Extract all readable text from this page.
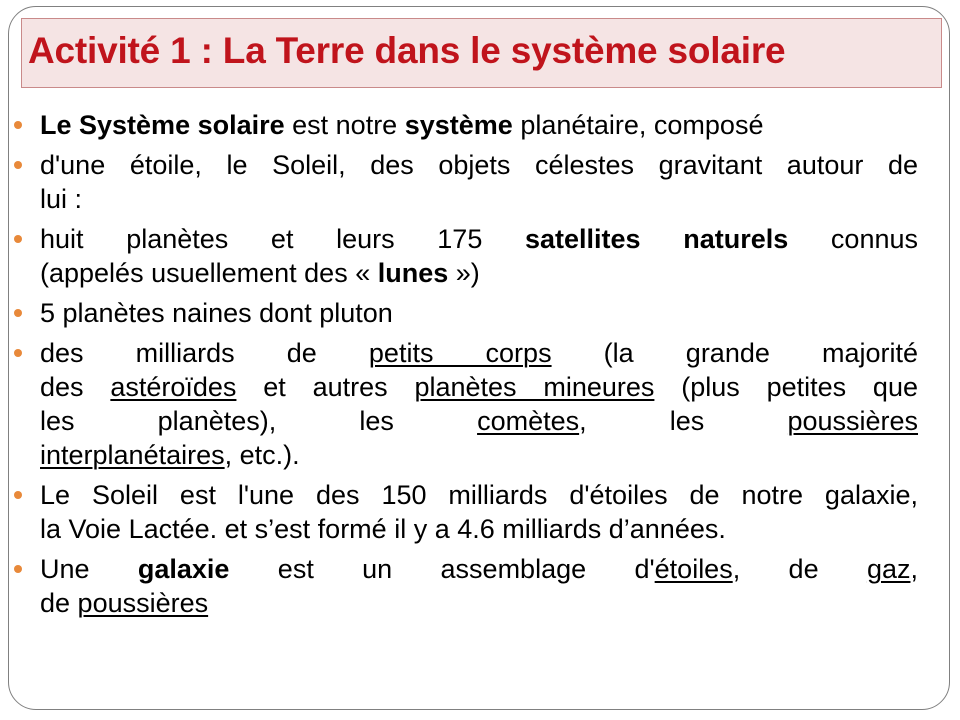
Activité 1 : La Terre dans le système solaire
Le Système solaire est notre système planétaire, composé
d'une étoile, le Soleil, des objets célestes gravitant autour de
lui :
huit planètes et leurs 175 satellites naturels connus
(appelés usuellement des « lunes »)
5 planètes naines dont pluton
des milliards de petits corps (la grande majorité
des astéroïdes et autres planètes mineures (plus petites que
les planètes), les comètes, les poussières
interplanétaires, etc.).
Le Soleil est l'une des 150 milliards d'étoiles de notre galaxie,
la Voie Lactée. et s’est formé il y a 4.6 milliards d’années.
Une galaxie est un assemblage d'étoiles, de gaz,
de poussières
